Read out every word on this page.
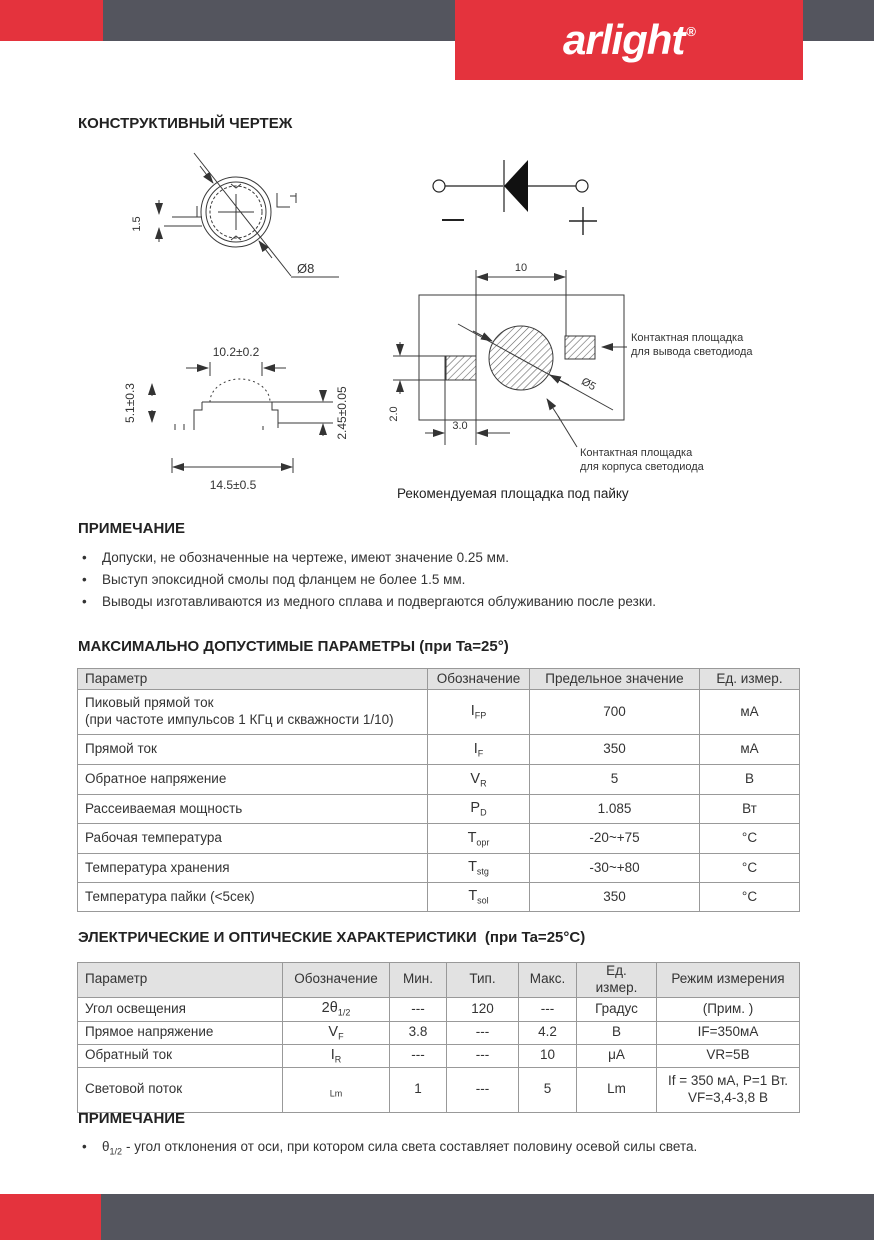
arlight ®
КОНСТРУКТИВНЫЙ ЧЕРТЕЖ
Ø8
1.5
10.2±0.2
5.1±0.3	2.45±0.05
14.5±0.5
10
2.0
3.0
Ø5
Контактная площадка
для вывода светодиода
Контактная площадка
для корпуса светодиода
Рекомендуемая площадка под пайку
ПРИМЕЧАНИЕ
• Допуски, не обозначенные на чертеже, имеют значение 0.25 мм.
• Выступ эпоксидной смолы под фланцем не более 1.5 мм.
• Выводы изготавливаются из медного сплава и подвергаются облуживанию после резки.
МАКСИМАЛЬНО ДОПУСТИМЫЕ ПАРАМЕТРЫ (при Ta=25°)
Параметр	Обозначение	Предельное значение	Ед. измер.

Пиковый прямой ток
(при частоте импульсов 1 КГц и скважности 1/10)	$I_{FP}$	700	мА
Прямой ток	$I_F$	350	мА
Обратное напряжение	$V_R$	5	В
Рассеиваемая мощность	$P_D$	1.085	Вт
Рабочая температура	$T_{opr}$	-20~+75	°C
Температура хранения	$T_{stg}$	-30~+80	°C
Температура пайки (<5сек)	$T_{sol}$	350	°C
ЭЛЕКТРИЧЕСКИЕ И ОПТИЧЕСКИЕ ХАРАКТЕРИСТИКИ  (при Ta=25°C)
Параметр	Обозначение	Мин.	Тип.	Макс.	Ед. измер.	Режим измерения
Угол освещения	$2\theta_{1/2}$	---	120	---	Градус	(Прим. )
Прямое напряжение	$V_F$	3.8	---	4.2	В	IF=350мА
Обратный ток	$I_R$	---	---	10	μА	VR=5В
Световой поток	$_{Lm}$	1	---	5	Lm	If = 350 мА, P=1 Вт.
VF=3,4-3,8 В
ПРИМЕЧАНИЕ
• $\theta_{1/2}$ - угол отклонения от оси, при котором сила света составляет половину осевой силы света.
